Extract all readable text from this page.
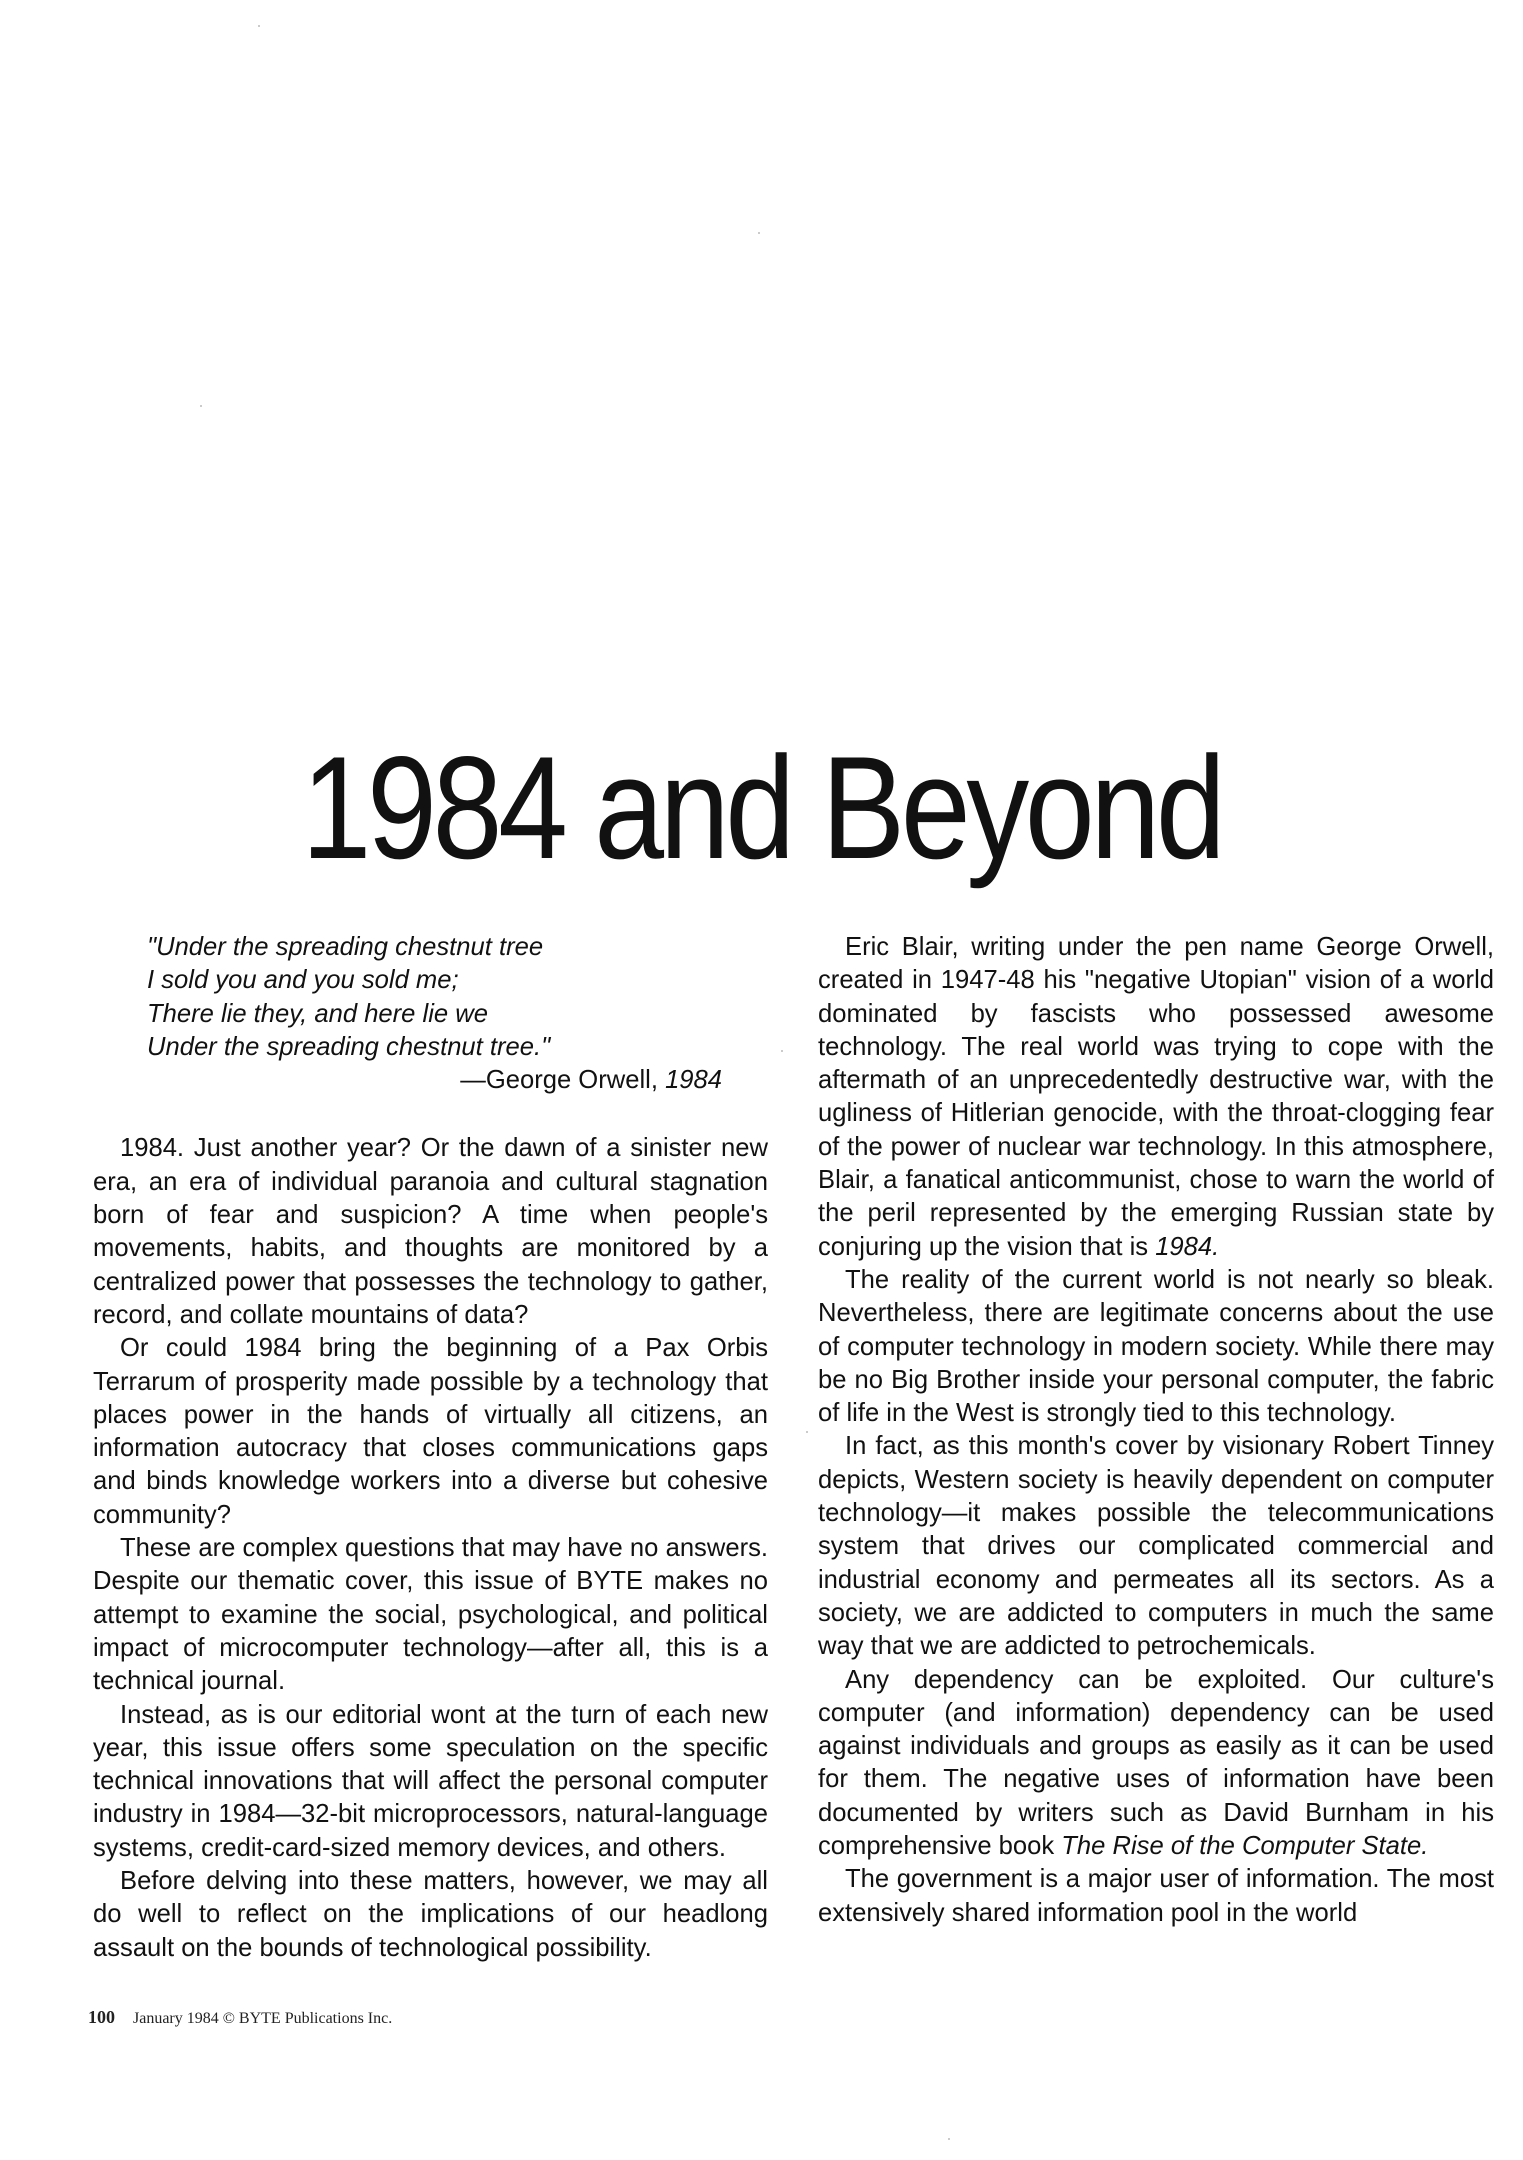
1984 and Beyond
"Under the spreading chestnut tree
I sold you and you sold me;
There lie they, and here lie we
Under the spreading chestnut tree."
—George Orwell, 1984

1984. Just another year? Or the dawn of a sinister new era, an era of individual paranoia and cultural stagnation born of fear and suspicion? A time when people's movements, habits, and thoughts are monitored by a centralized power that possesses the technology to gather, record, and collate mountains of data?

Or could 1984 bring the beginning of a Pax Orbis Terrarum of prosperity made possible by a technology that places power in the hands of virtually all citizens, an information autocracy that closes communications gaps and binds knowledge workers into a diverse but cohesive community?

These are complex questions that may have no answers. Despite our thematic cover, this issue of BYTE makes no attempt to examine the social, psychological, and political impact of microcomputer technology—after all, this is a technical journal.

Instead, as is our editorial wont at the turn of each new year, this issue offers some speculation on the specific technical innovations that will affect the personal computer industry in 1984—32-bit microprocessors, natural-language systems, credit-card-sized memory devices, and others.

Before delving into these matters, however, we may all do well to reflect on the implications of our headlong assault on the bounds of technological possibility.

Eric Blair, writing under the pen name George Orwell, created in 1947-48 his "negative Utopian" vision of a world dominated by fascists who possessed awesome technology. The real world was trying to cope with the aftermath of an unprecedentedly destructive war, with the ugliness of Hitlerian genocide, with the throat-clogging fear of the power of nuclear war technology. In this atmosphere, Blair, a fanatical anticommunist, chose to warn the world of the peril represented by the emerging Russian state by conjuring up the vision that is 1984.

The reality of the current world is not nearly so bleak. Nevertheless, there are legitimate concerns about the use of computer technology in modern society. While there may be no Big Brother inside your personal computer, the fabric of life in the West is strongly tied to this technology.

In fact, as this month's cover by visionary Robert Tinney depicts, Western society is heavily dependent on computer technology—it makes possible the telecommunications system that drives our complicated commercial and industrial economy and permeates all its sectors. As a society, we are addicted to computers in much the same way that we are addicted to petrochemicals.

Any dependency can be exploited. Our culture's computer (and information) dependency can be used against individuals and groups as easily as it can be used for them. The negative uses of information have been documented by writers such as David Burnham in his comprehensive book The Rise of the Computer State.

The government is a major user of information. The most extensively shared information pool in the world

100 January 1984 © BYTE Publications Inc.
